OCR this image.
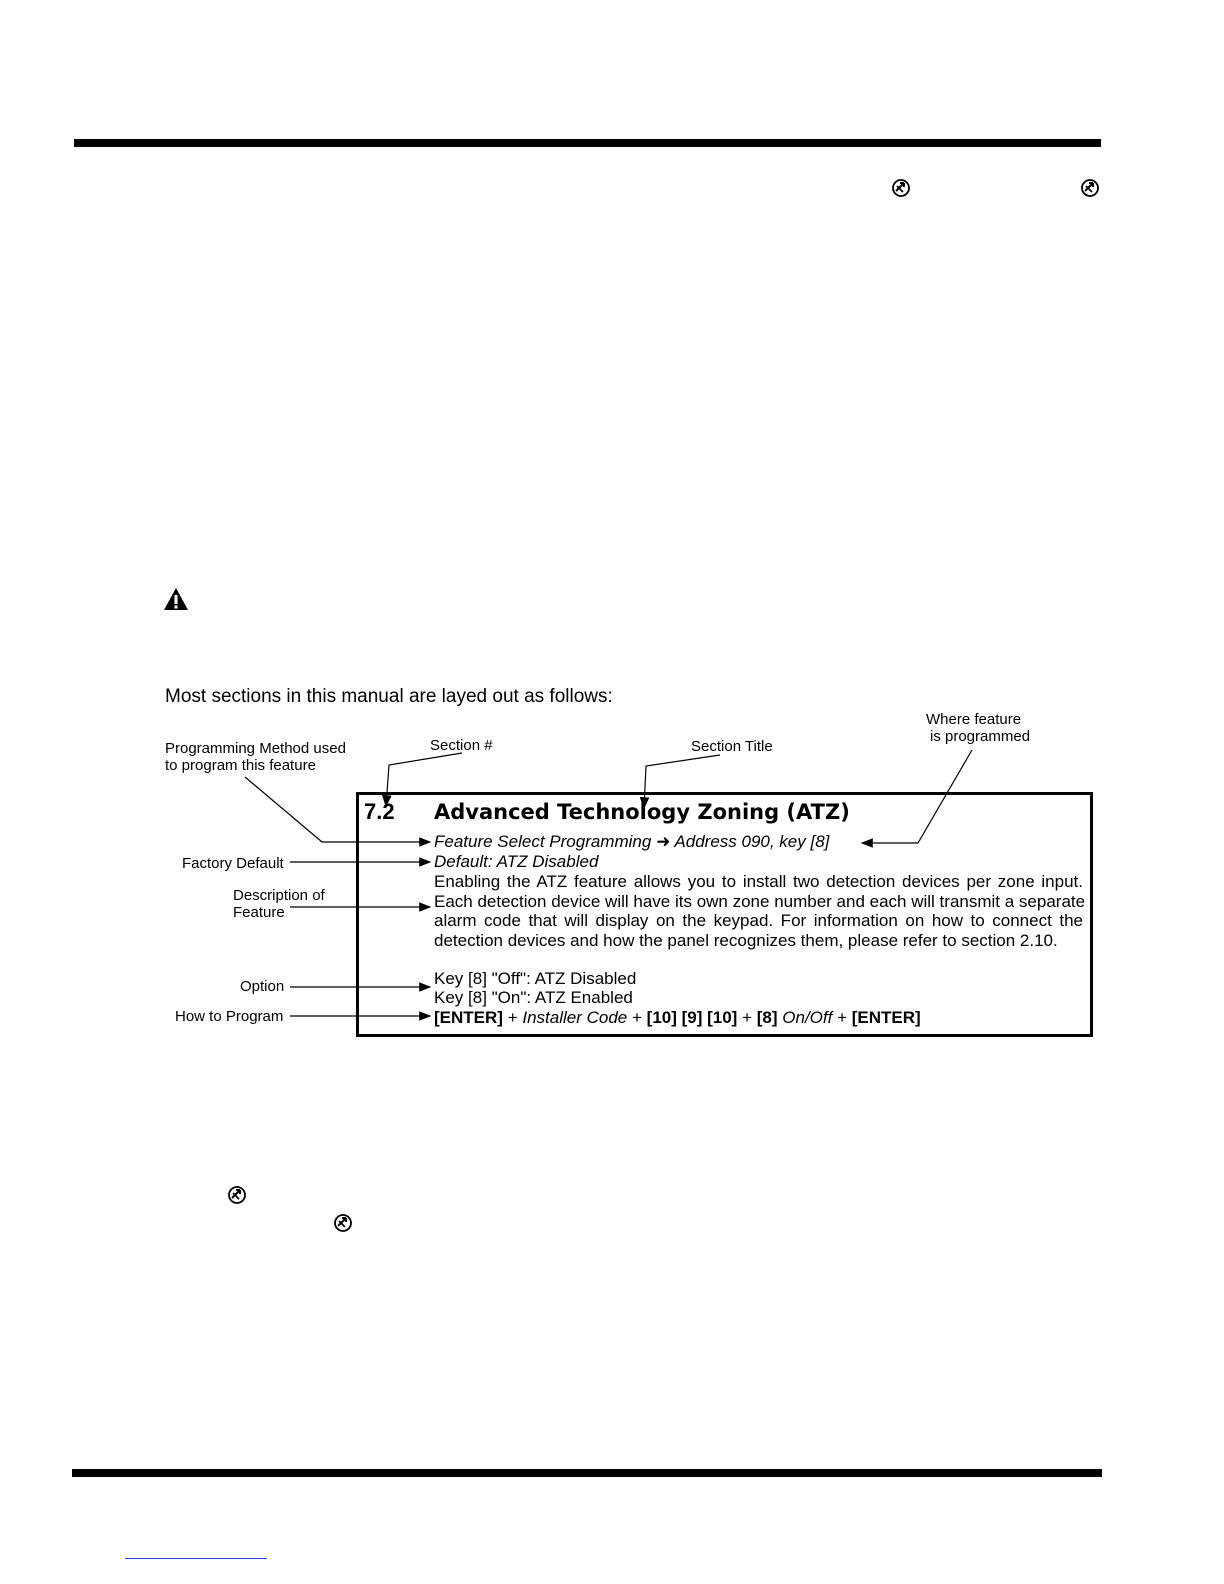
Most sections in this manual are layed out as follows:
Programming Method used
to program this feature
Section #	Section Title
Where feature
is programmed
Factory Default
Description of
Feature
Option
How to Program
7.2 Advanced Technology Zoning (ATZ)
Feature Select Programming ➜ Address 090, key [8]
Default: ATZ Disabled
Enabling the ATZ feature allows you to install two detection devices per zone input.
Each detection device will have its own zone number and each will transmit a separate
alarm code that will display on the keypad. For information on how to connect the
detection devices and how the panel recognizes them, please refer to section 2.10.
Key [8] "Off": ATZ Disabled
Key [8] "On": ATZ Enabled
[ENTER] + Installer Code + [10] [9] [10] + [8] On/Off + [ENTER]
